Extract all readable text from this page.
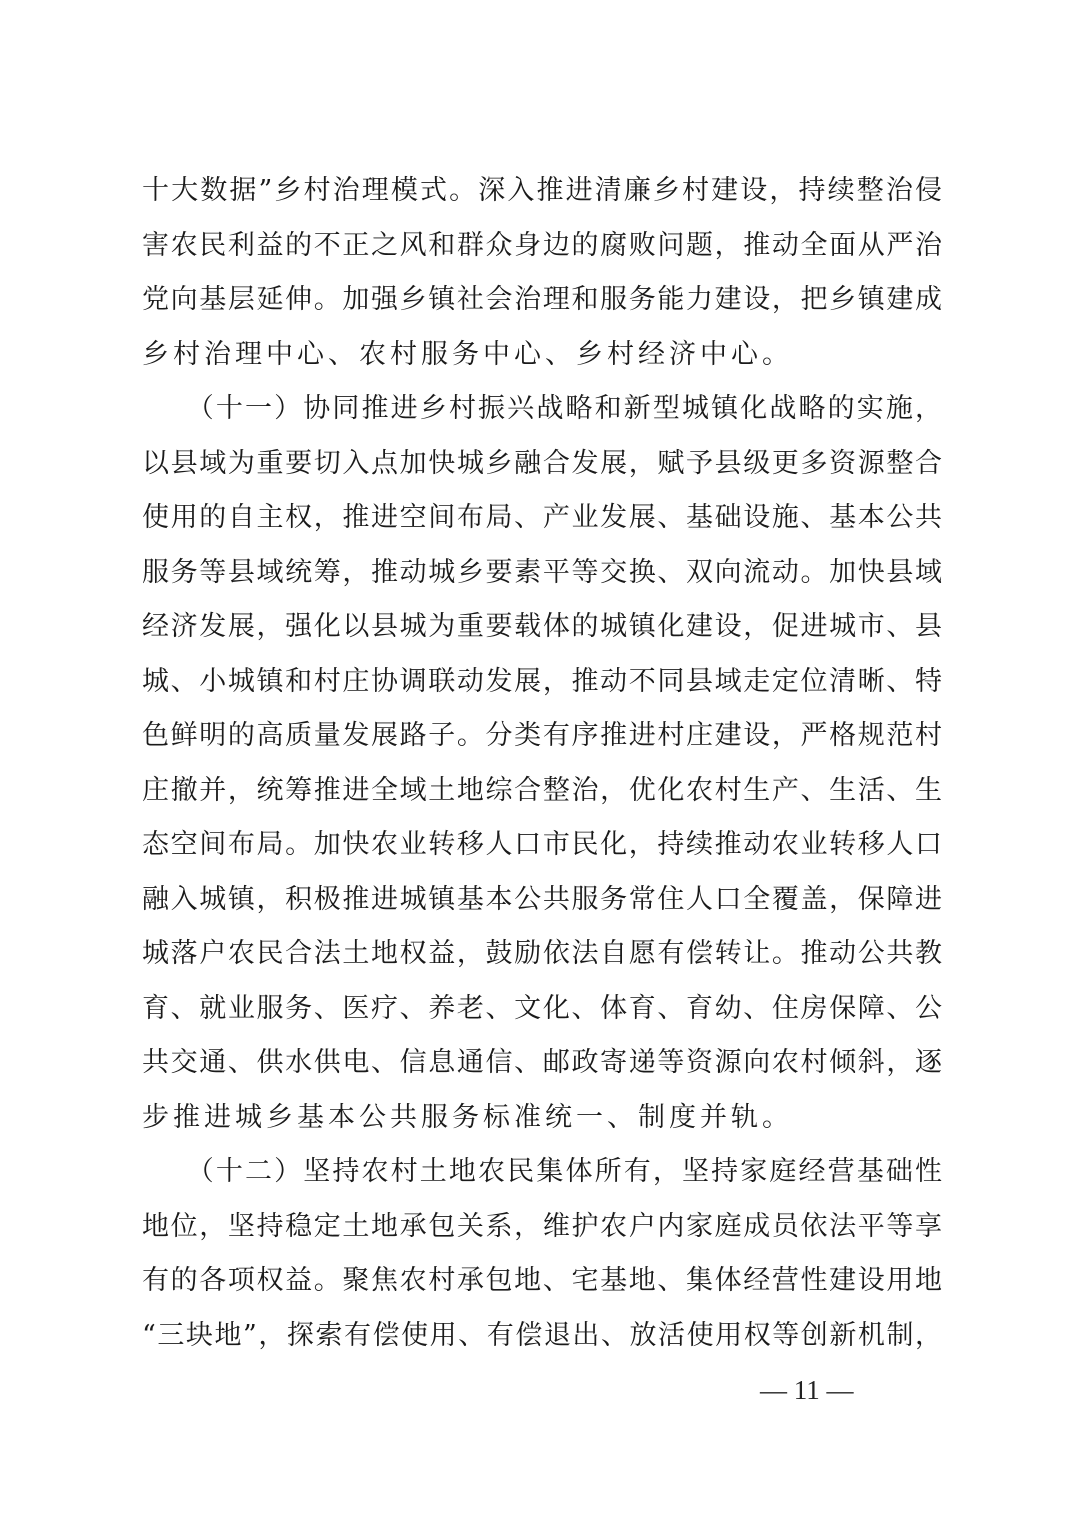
十大数据”乡村治理模式。深入推进清廉乡村建设，持续整治侵
害农民利益的不正之风和群众身边的腐败问题，推动全面从严治
党向基层延伸。加强乡镇社会治理和服务能力建设，把乡镇建成
乡村治理中心、农村服务中心、乡村经济中心。
　　（十一）协同推进乡村振兴战略和新型城镇化战略的实施，
以县域为重要切入点加快城乡融合发展，赋予县级更多资源整合
使用的自主权，推进空间布局、产业发展、基础设施、基本公共
服务等县域统筹，推动城乡要素平等交换、双向流动。加快县域
经济发展，强化以县城为重要载体的城镇化建设，促进城市、县
城、小城镇和村庄协调联动发展，推动不同县域走定位清晰、特
色鲜明的高质量发展路子。分类有序推进村庄建设，严格规范村
庄撤并，统筹推进全域土地综合整治，优化农村生产、生活、生
态空间布局。加快农业转移人口市民化，持续推动农业转移人口
融入城镇，积极推进城镇基本公共服务常住人口全覆盖，保障进
城落户农民合法土地权益，鼓励依法自愿有偿转让。推动公共教
育、就业服务、医疗、养老、文化、体育、育幼、住房保障、公
共交通、供水供电、信息通信、邮政寄递等资源向农村倾斜，逐
步推进城乡基本公共服务标准统一、制度并轨。
　　（十二）坚持农村土地农民集体所有，坚持家庭经营基础性
地位，坚持稳定土地承包关系，维护农户内家庭成员依法平等享
有的各项权益。聚焦农村承包地、宅基地、集体经营性建设用地
“三块地”，探索有偿使用、有偿退出、放活使用权等创新机制，
— 11 —
